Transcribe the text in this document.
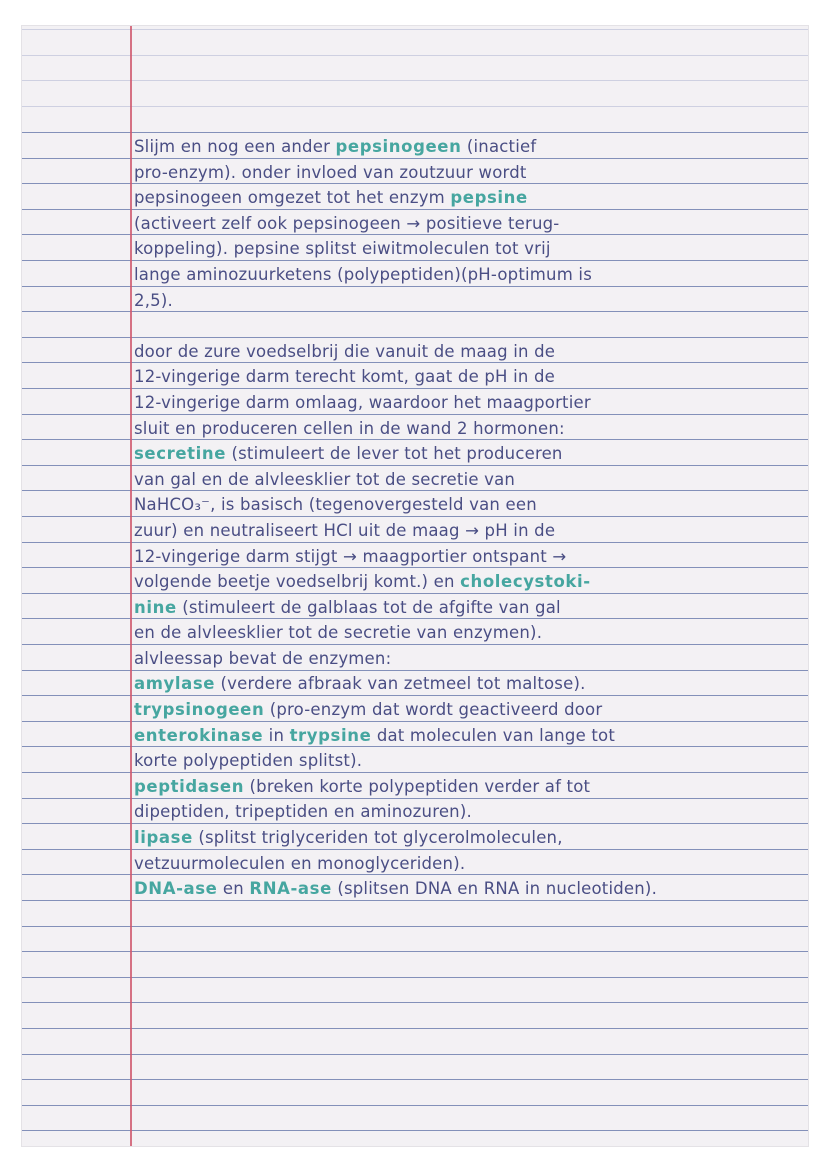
Slijm en nog een ander pepsinogeen (inactief
pro-enzym). onder invloed van zoutzuur wordt
pepsinogeen omgezet tot het enzym pepsine
(activeert zelf ook pepsinogeen → positieve terug-
koppeling). pepsine splitst eiwitmoleculen tot vrij
lange aminozuurketens (polypeptiden)(pH-optimum is
2,5).
door de zure voedselbrij die vanuit de maag in de
12-vingerige darm terecht komt, gaat de pH in de
12-vingerige darm omlaag, waardoor het maagportier
sluit en produceren cellen in de wand 2 hormonen:
secretine (stimuleert de lever tot het produceren
van gal en de alvleesklier tot de secretie van
NaHCO₃⁻, is basisch (tegenovergesteld van een
zuur) en neutraliseert HCl uit de maag → pH in de
12-vingerige darm stijgt → maagportier ontspant →
volgende beetje voedselbrij komt.) en cholecystoki-
nine (stimuleert de galblaas tot de afgifte van gal
en de alvleesklier tot de secretie van enzymen).
alvleessap bevat de enzymen:
amylase (verdere afbraak van zetmeel tot maltose).
trypsinogeen (pro-enzym dat wordt geactiveerd door
enterokinase in trypsine dat moleculen van lange tot
korte polypeptiden splitst).
peptidasen (breken korte polypeptiden verder af tot
dipeptiden, tripeptiden en aminozuren).
lipase (splitst triglyceriden tot glycerolmoleculen,
vetzuurmoleculen en monoglyceriden).
DNA-ase en RNA-ase (splitsen DNA en RNA in nucleotiden).
